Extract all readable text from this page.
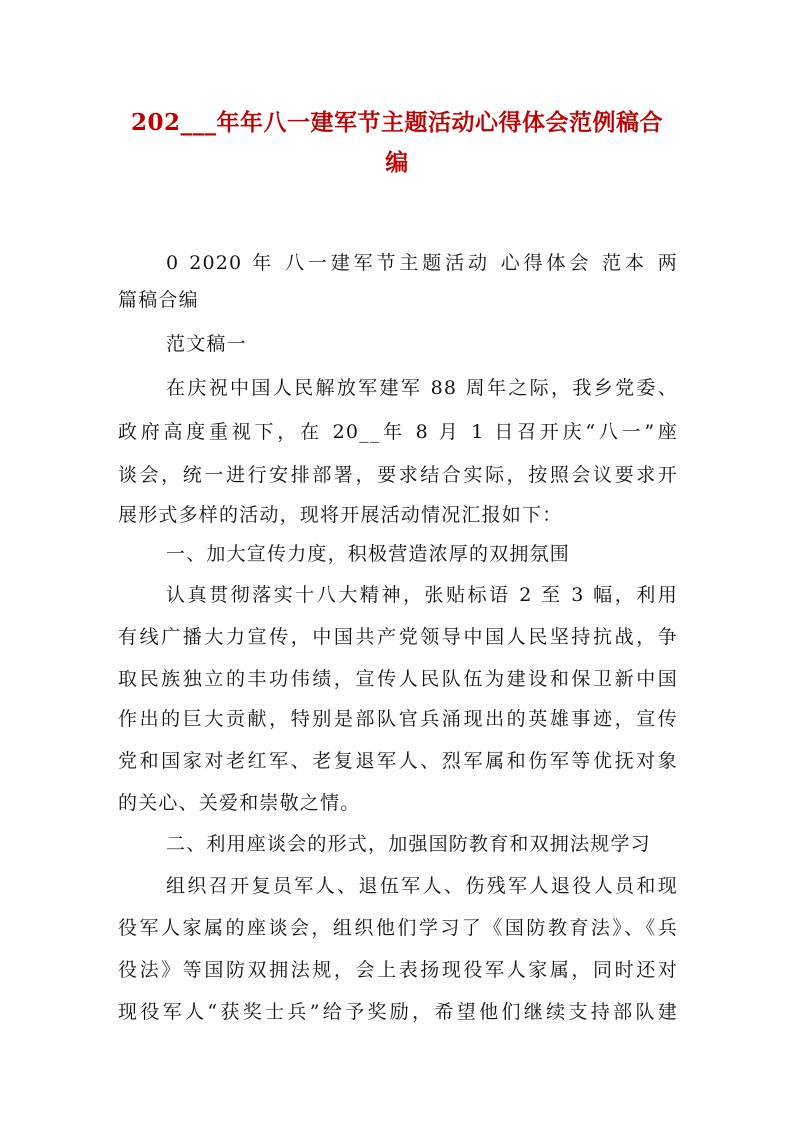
202___年年八一建军节主题活动心得体会范例稿合
编
0 2020 年 八一建军节主题活动 心得体会 范本 两
篇稿合编
范文稿一
在庆祝中国人民解放军建军 88 周年之际，我乡党委、
政府高度重视下，在 20__年 8 月 1 日召开庆“八一”座
谈会，统一进行安排部署，要求结合实际，按照会议要求开
展形式多样的活动，现将开展活动情况汇报如下：
一、加大宣传力度，积极营造浓厚的双拥氛围
认真贯彻落实十八大精神，张贴标语 2 至 3 幅，利用
有线广播大力宣传，中国共产党领导中国人民坚持抗战，争
取民族独立的丰功伟绩，宣传人民队伍为建设和保卫新中国
作出的巨大贡献，特别是部队官兵涌现出的英雄事迹，宣传
党和国家对老红军、老复退军人、烈军属和伤军等优抚对象
的关心、关爱和崇敬之情。
二、利用座谈会的形式，加强国防教育和双拥法规学习
组织召开复员军人、退伍军人、伤残军人退役人员和现
役军人家属的座谈会，组织他们学习了《国防教育法》、《兵
役法》等国防双拥法规，会上表扬现役军人家属，同时还对
现役军人“获奖士兵”给予奖励，希望他们继续支持部队建
